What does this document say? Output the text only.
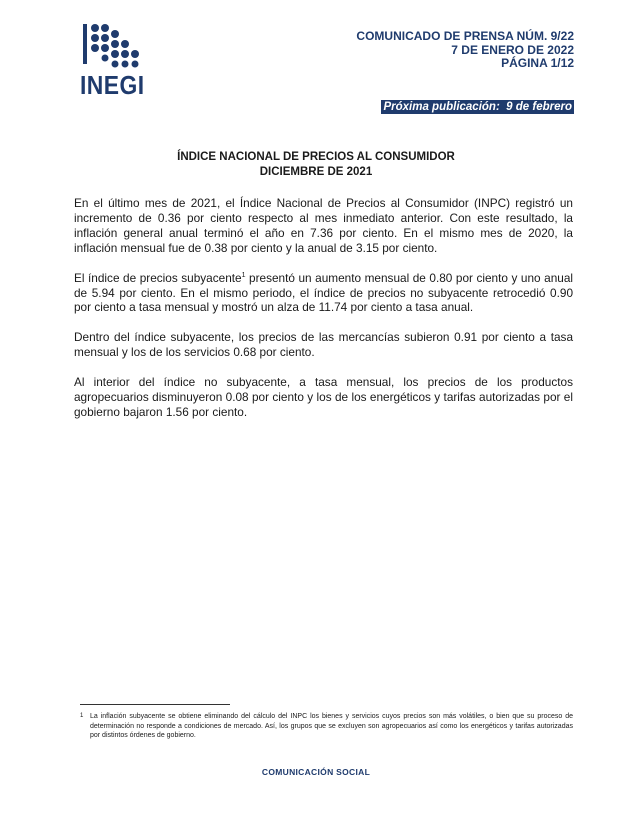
INEGI
COMUNICADO DE PRENSA NÚM. 9/22
7 DE ENERO DE 2022
PÁGINA 1/12
Próxima publicación:  9 de febrero
ÍNDICE NACIONAL DE PRECIOS AL CONSUMIDOR
DICIEMBRE DE 2021

En el último mes de 2021, el Índice Nacional de Precios al Consumidor (INPC) registró un incremento de 0.36 por ciento respecto al mes inmediato anterior. Con este resultado, la inflación general anual terminó el año en 7.36 por ciento. En el mismo mes de 2020, la inflación mensual fue de 0.38 por ciento y la anual de 3.15 por ciento.

El índice de precios subyacente$^1$ presentó un aumento mensual de 0.80 por ciento y uno anual de 5.94 por ciento. En el mismo periodo, el índice de precios no subyacente retrocedió 0.90 por ciento a tasa mensual y mostró un alza de 11.74 por ciento a tasa anual.

Dentro del índice subyacente, los precios de las mercancías subieron 0.91 por ciento a tasa mensual y los de los servicios 0.68 por ciento.

Al interior del índice no subyacente, a tasa mensual, los precios de los productos agropecuarios disminuyeron 0.08 por ciento y los de los energéticos y tarifas autorizadas por el gobierno bajaron 1.56 por ciento.

1 La inflación subyacente se obtiene eliminando del cálculo del INPC los bienes y servicios cuyos precios son más volátiles, o bien que su proceso de determinación no responde a condiciones de mercado. Así, los grupos que se excluyen son agropecuarios así como los energéticos y tarifas autorizadas por distintos órdenes de gobierno.
COMUNICACIÓN SOCIAL
